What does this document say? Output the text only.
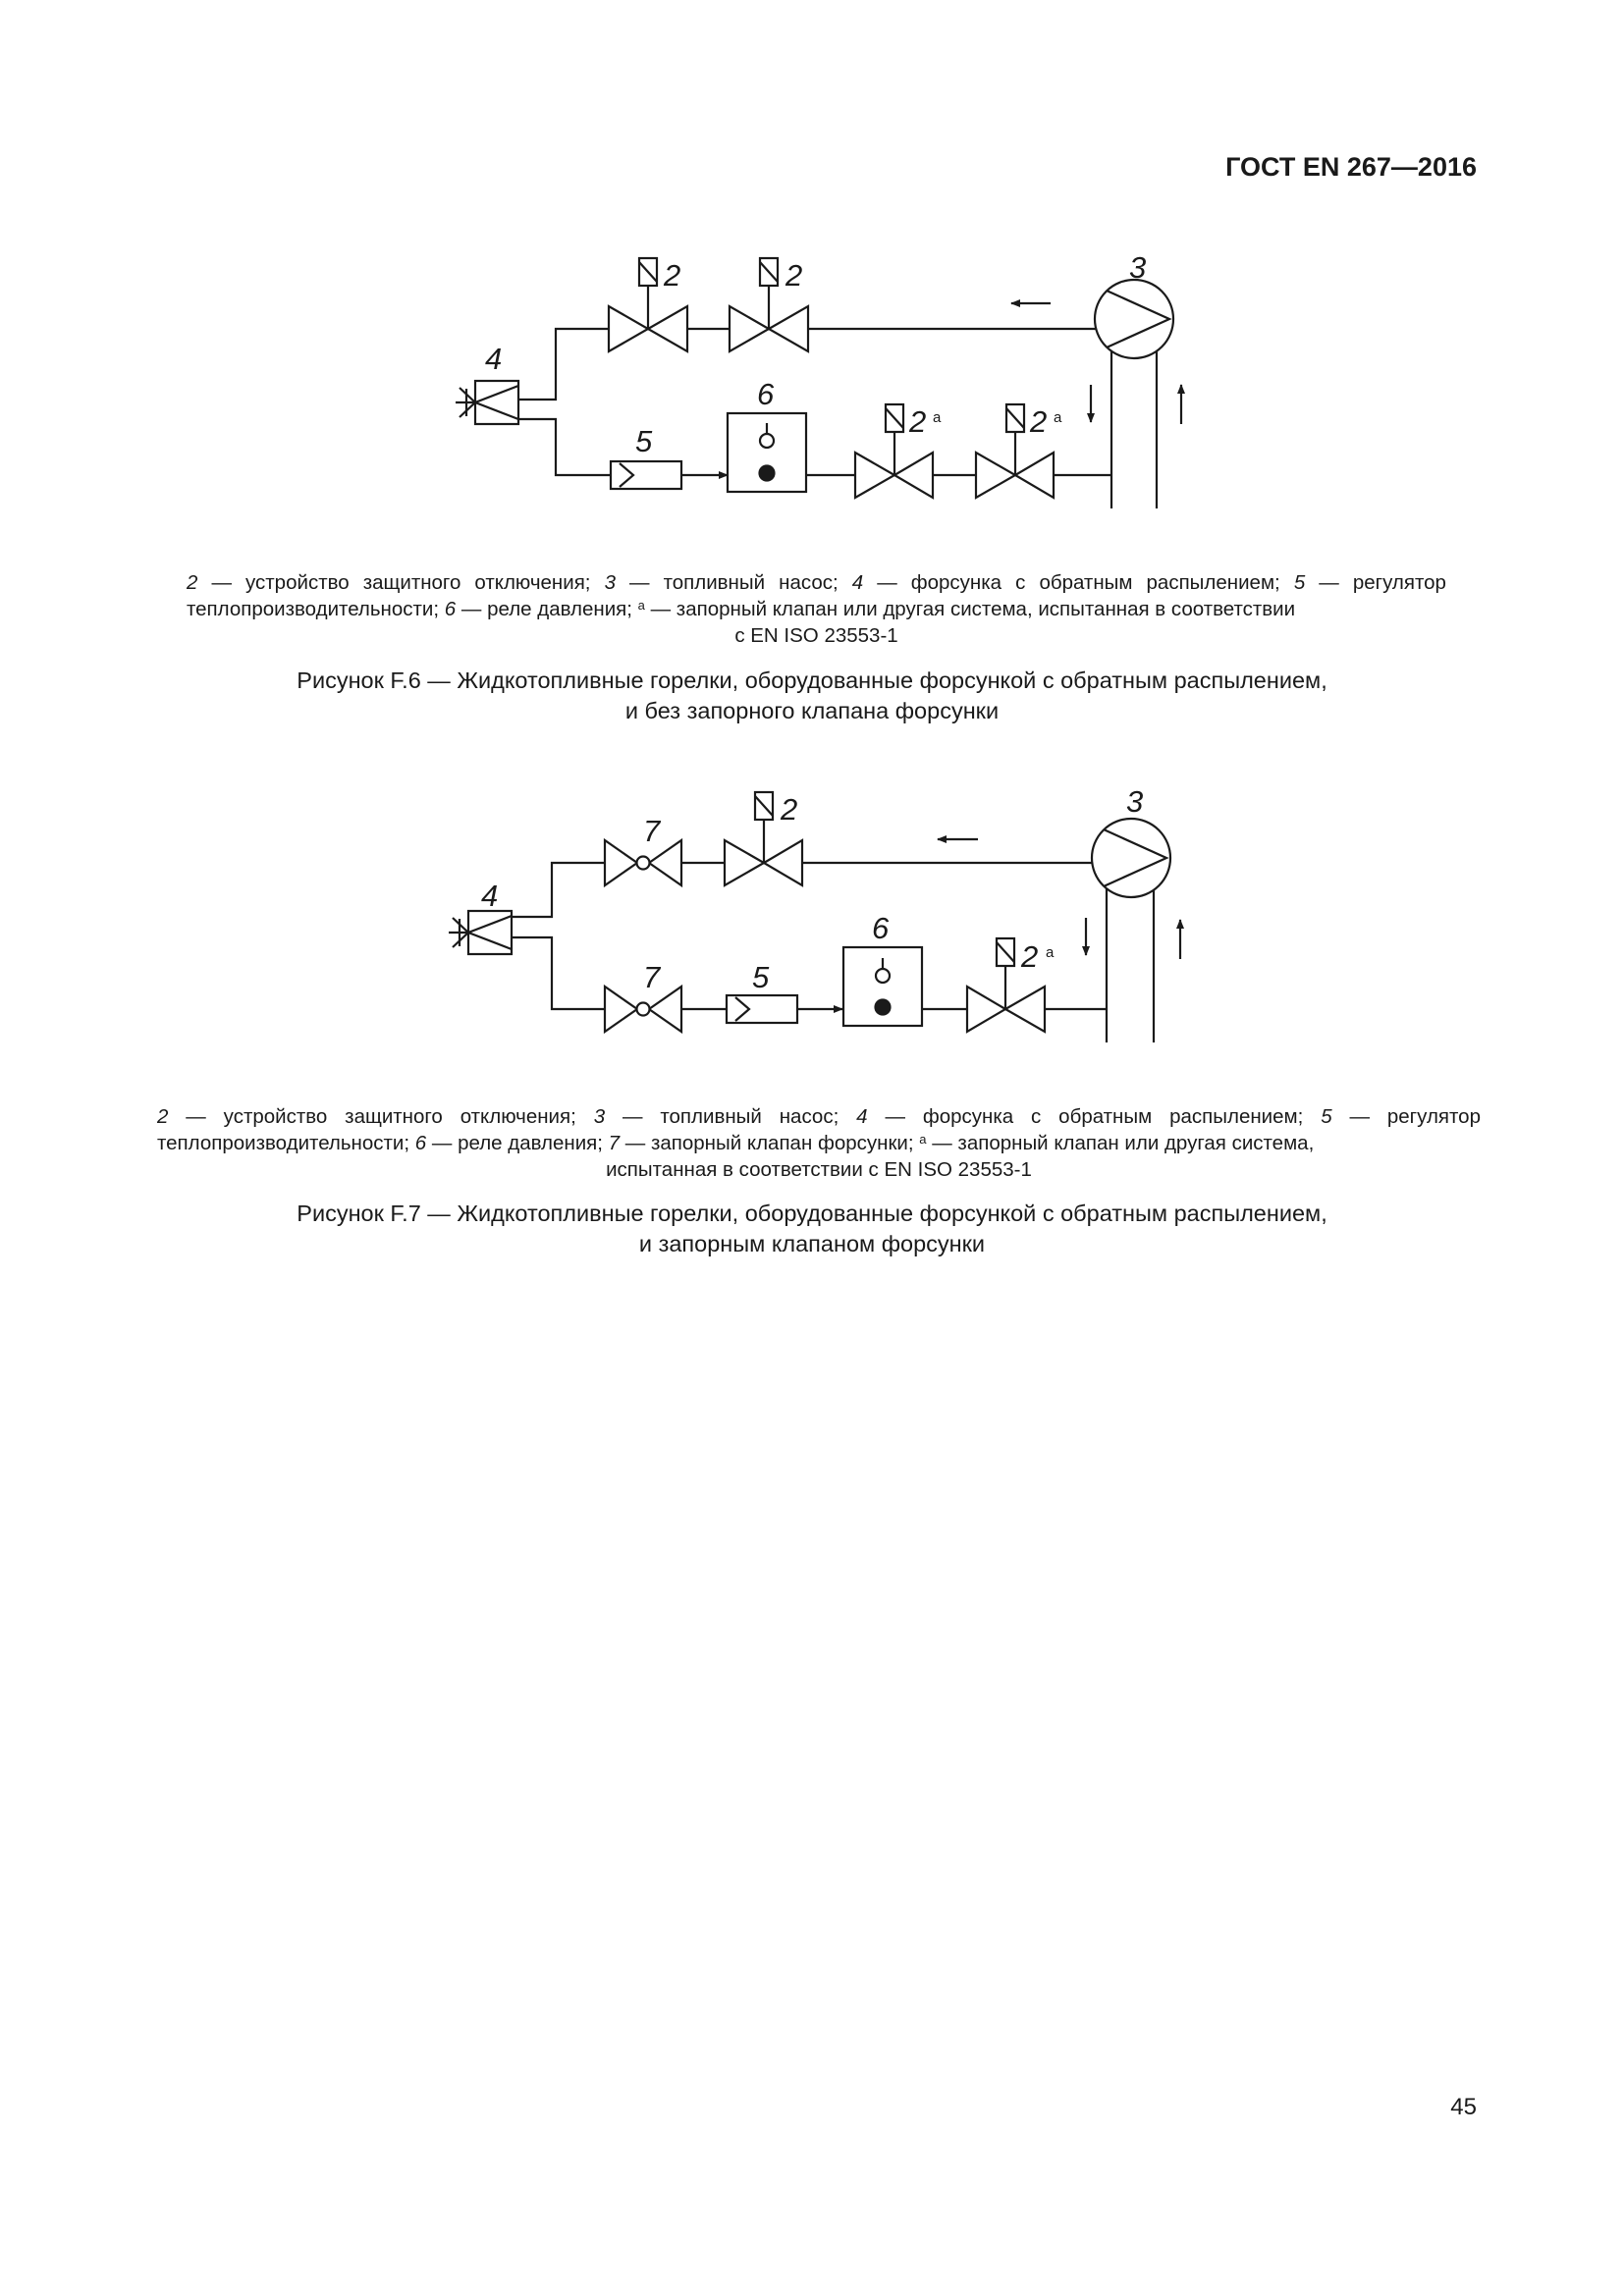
ГОСТ EN 267—2016
3
4
2	2
2 а	2 а
5
6
3
4
7
2
7	5
6
2 а
2 — устройство защитного отключения; 3 — топливный насос; 4 — форсунка с обратным распылением; 5 — регулятор теплопроизводительности; 6 — реле давления; $^а$ — запорный клапан или другая система, испытанная в соответствии
с EN ISO 23553-1
Рисунок F.6 — Жидкотопливные горелки, оборудованные форсункой с обратным распылением,
и без запорного клапана форсунки
2 — устройство защитного отключения; 3 — топливный насос; 4 — форсунка с обратным распылением; 5 — регулятор теплопроизводительности; 6 — реле давления; 7 — запорный клапан форсунки; $^а$ — запорный клапан или другая система,
испытанная в соответствии с EN ISO 23553-1
Рисунок F.7 — Жидкотопливные горелки, оборудованные форсункой с обратным распылением,
и запорным клапаном форсунки
45
